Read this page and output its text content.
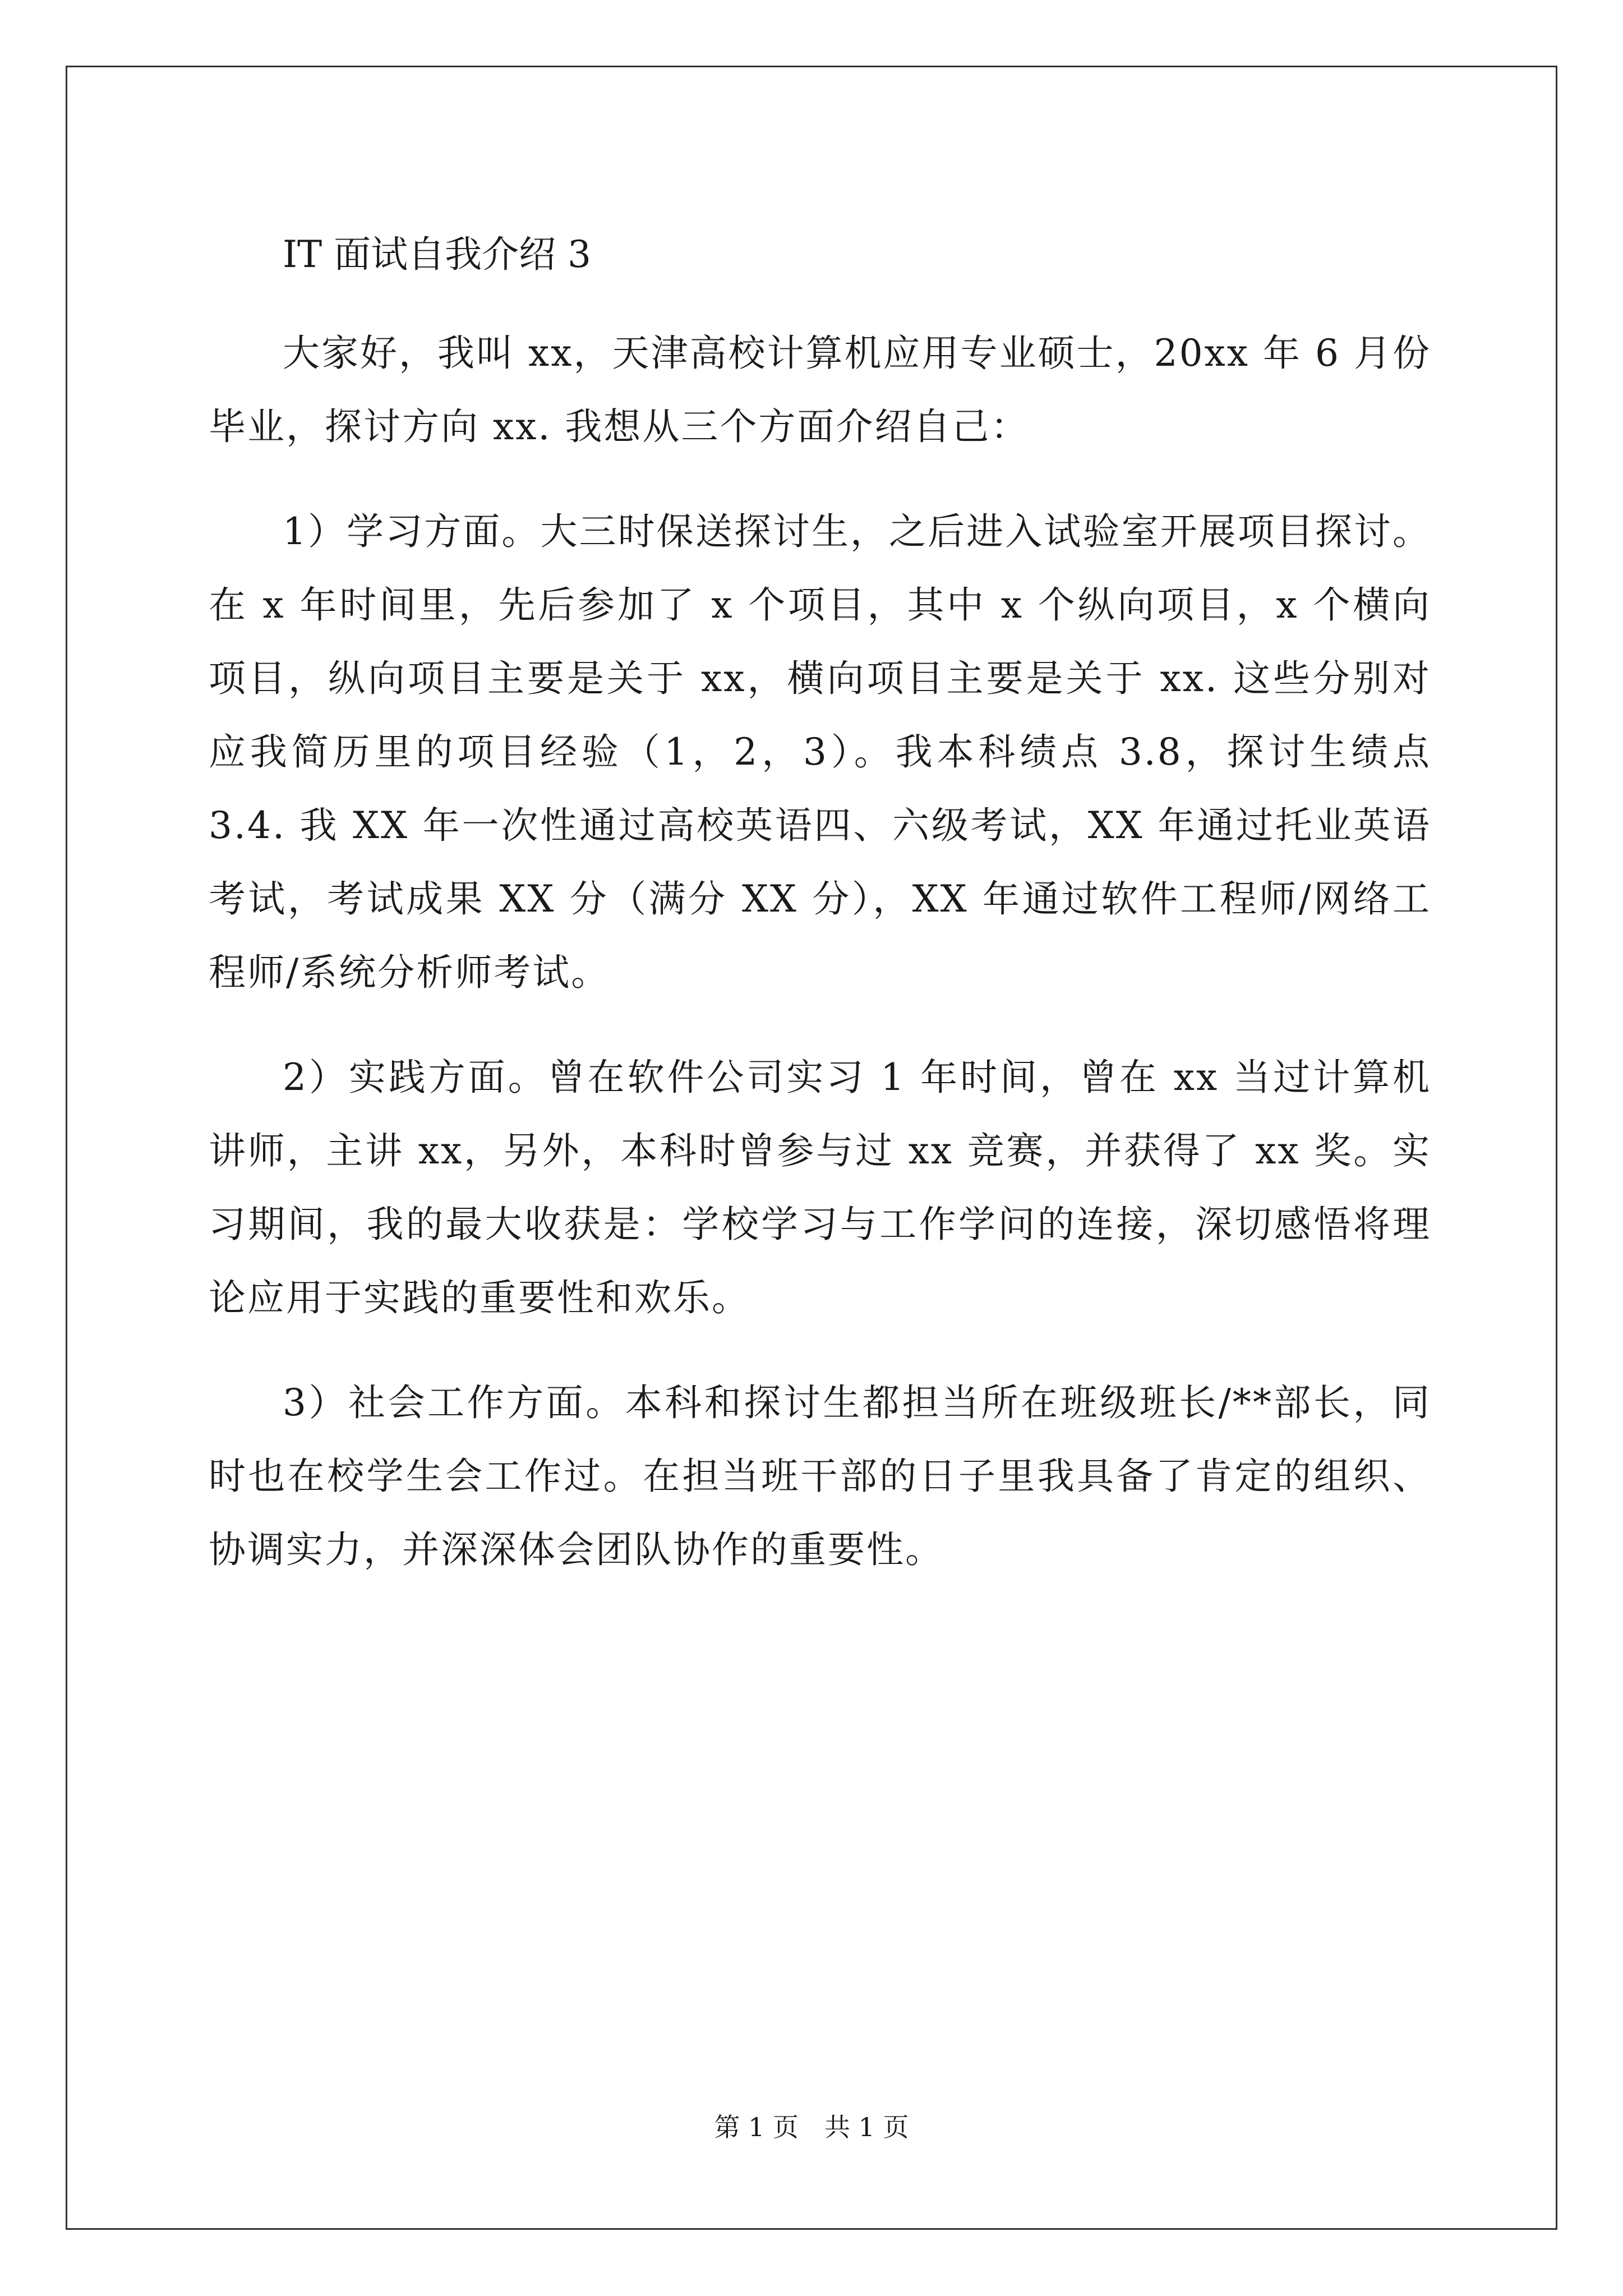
IT 面试自我介绍 3

大家好，我叫 xx，天津高校计算机应用专业硕士，20xx 年 6 月份毕业，探讨方向 xx. 我想从三个方面介绍自己：

1）学习方面。大三时保送探讨生，之后进入试验室开展项目探讨。在 x 年时间里，先后参加了 x 个项目，其中 x 个纵向项目，x 个横向项目，纵向项目主要是关于 xx，横向项目主要是关于 xx. 这些分别对应我简历里的项目经验（1，2，3）。我本科绩点 3.8，探讨生绩点 3.4. 我 XX 年一次性通过高校英语四、六级考试，XX 年通过托业英语考试，考试成果 XX 分（满分 XX 分），XX 年通过软件工程师/网络工程师/系统分析师考试。

2）实践方面。曾在软件公司实习 1 年时间，曾在 xx 当过计算机讲师，主讲 xx，另外，本科时曾参与过 xx 竞赛，并获得了 xx 奖。实习期间，我的最大收获是：学校学习与工作学问的连接，深切感悟将理论应用于实践的重要性和欢乐。

3）社会工作方面。本科和探讨生都担当所在班级班长/**部长，同时也在校学生会工作过。在担当班干部的日子里我具备了肯定的组织、协调实力，并深深体会团队协作的重要性。

第 1 页　共 1 页
